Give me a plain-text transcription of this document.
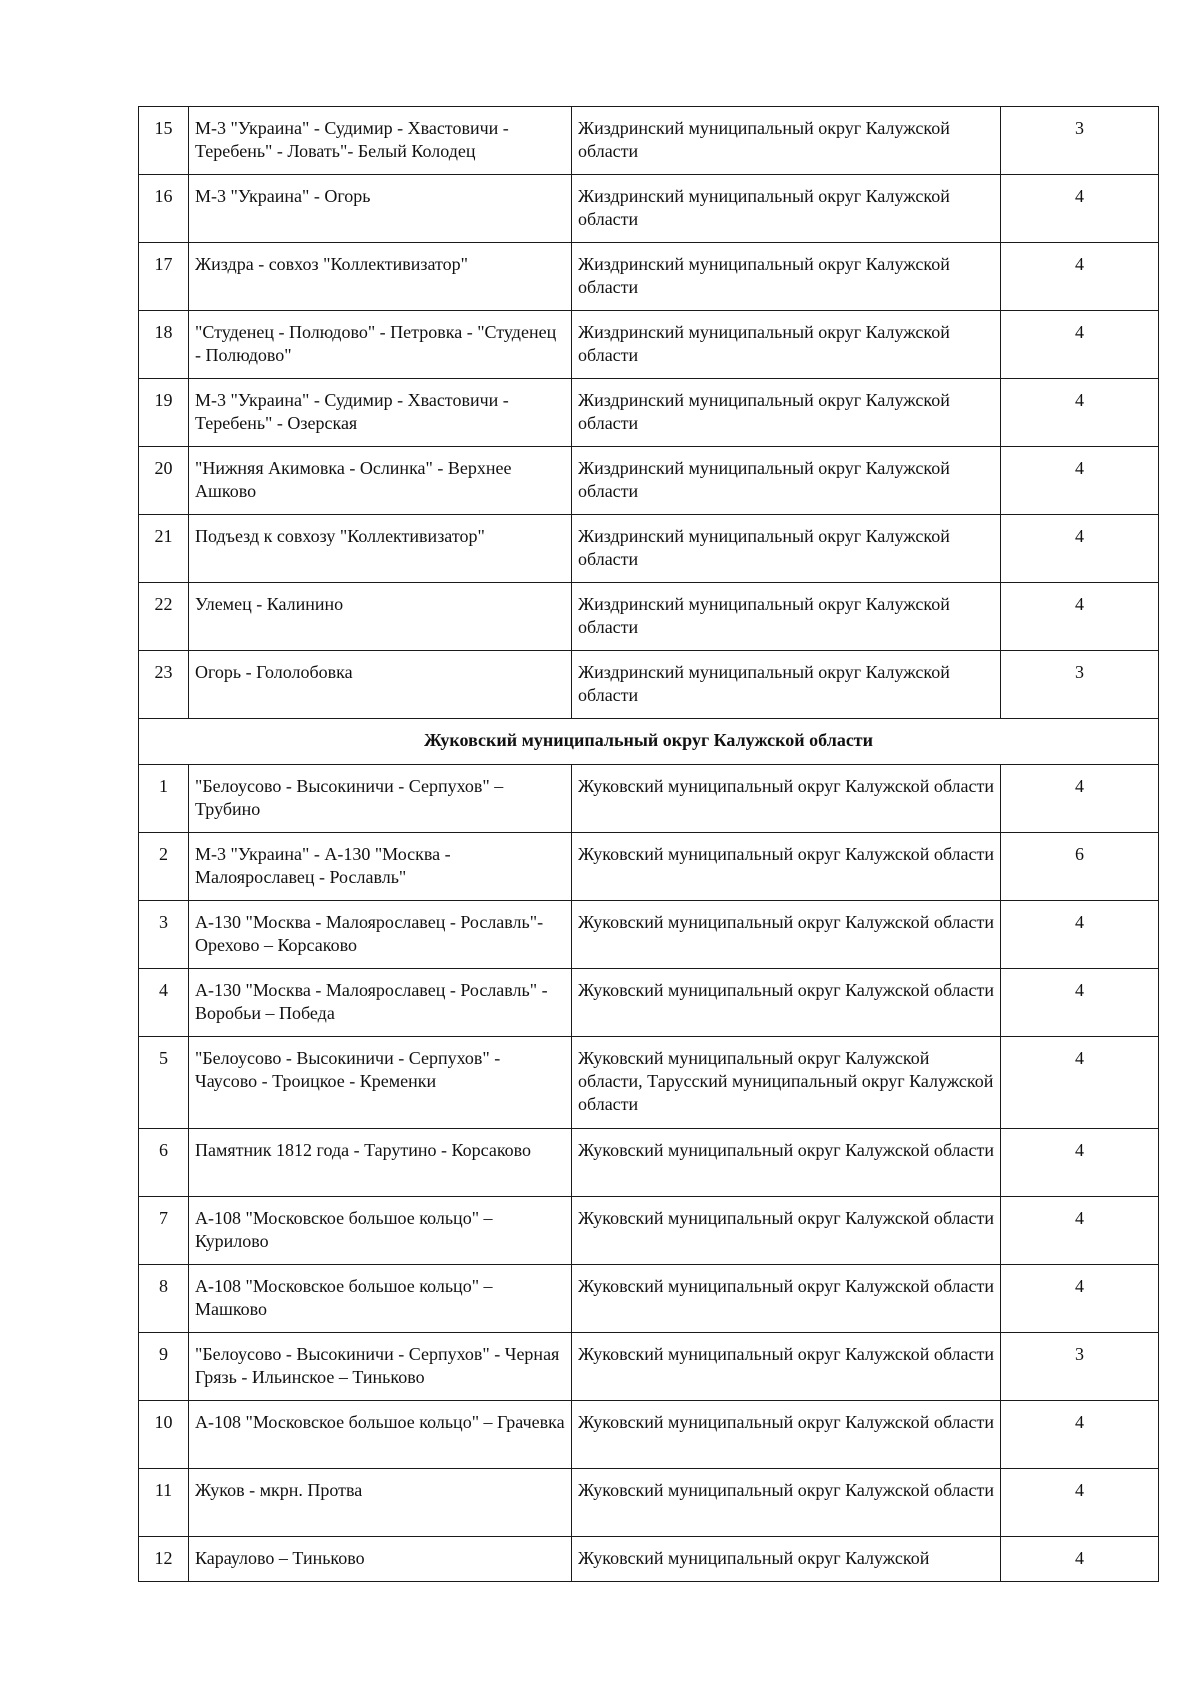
15	М-3 "Украина" - Судимир - Хвастовичи - Теребень" - Ловать"- Белый Колодец	Жиздринский муниципальный округ Калужской области	3
16	М-3 "Украина" - Огорь	Жиздринский муниципальный округ Калужской области	4
17	Жиздра - совхоз "Коллективизатор"	Жиздринский муниципальный округ Калужской области	4
18	"Студенец - Полюдово" - Петровка - "Студенец - Полюдово"	Жиздринский муниципальный округ Калужской области	4
19	М-3 "Украина" - Судимир - Хвастовичи - Теребень" - Озерская	Жиздринский муниципальный округ Калужской области	4
20	"Нижняя Акимовка - Ослинка" - Верхнее Ашково	Жиздринский муниципальный округ Калужской области	4
21	Подъезд к совхозу "Коллективизатор"	Жиздринский муниципальный округ Калужской области	4
22	Улемец - Калинино	Жиздринский муниципальный округ Калужской области	4
23	Огорь - Гололобовка	Жиздринский муниципальный округ Калужской области	3
Жуковский муниципальный округ Калужской области			
1	"Белоусово - Высокиничи - Серпухов" – Трубино	Жуковский муниципальный округ Калужской области	4
2	М-3 "Украина" - А-130 "Москва - Малоярославец - Рославль"	Жуковский муниципальный округ Калужской области	6
3	А-130 "Москва - Малоярославец - Рославль"- Орехово – Корсаково	Жуковский муниципальный округ Калужской области	4
4	А-130 "Москва - Малоярославец - Рославль" - Воробьи – Победа	Жуковский муниципальный округ Калужской области	4
5	"Белоусово - Высокиничи - Серпухов" - Чаусово - Троицкое - Кременки	Жуковский муниципальный округ Калужской области, Тарусский муниципальный округ Калужской области	4
6	Памятник 1812 года - Тарутино - Корсаково	Жуковский муниципальный округ Калужской области	4
7	А-108 "Московское большое кольцо" – Курилово	Жуковский муниципальный округ Калужской области	4
8	А-108 "Московское большое кольцо" – Машково	Жуковский муниципальный округ Калужской области	4
9	"Белоусово - Высокиничи - Серпухов" - Черная Грязь - Ильинское – Тиньково	Жуковский муниципальный округ Калужской области	3
10	А-108 "Московское большое кольцо" – Грачевка	Жуковский муниципальный округ Калужской области	4
11	Жуков - мкрн. Протва	Жуковский муниципальный округ Калужской области	4
12	Караулово – Тиньково	Жуковский муниципальный округ Калужской	4
